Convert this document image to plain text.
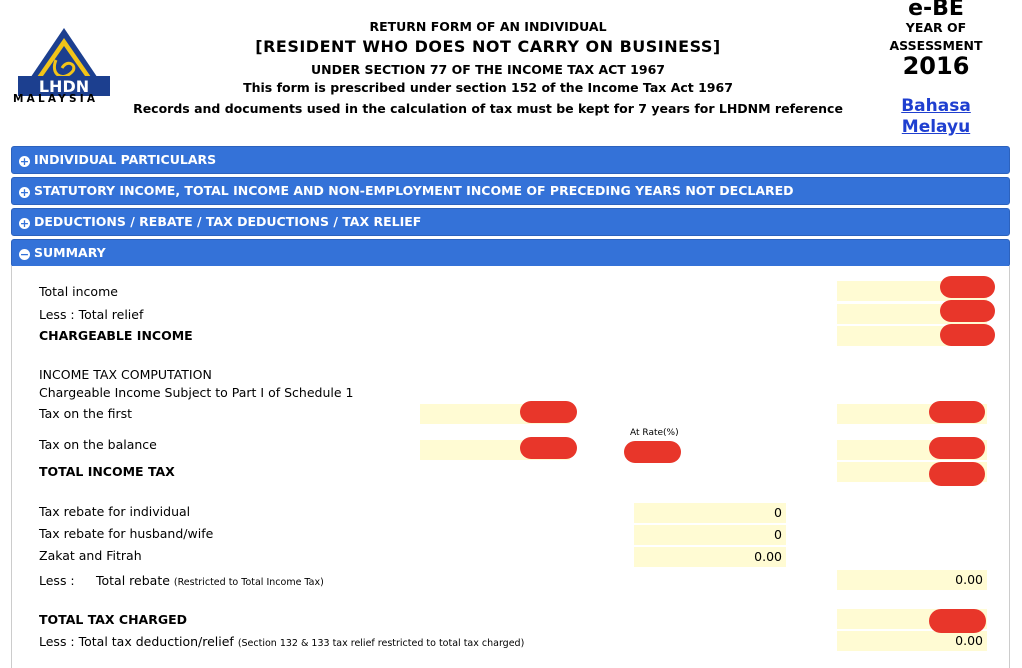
LHDN
MALAYSIA
RETURN FORM OF AN INDIVIDUAL
[RESIDENT WHO DOES NOT CARRY ON BUSINESS]
UNDER SECTION 77 OF THE INCOME TAX ACT 1967
This form is prescribed under section 152 of the Income Tax Act 1967
Records and documents used in the calculation of tax must be kept for 7 years for LHDNM reference
e-BE
YEAR OF
ASSESSMENT
2016
Bahasa
Melayu
+ INDIVIDUAL PARTICULARS
+ STATUTORY INCOME, TOTAL INCOME AND NON-EMPLOYMENT INCOME OF PRECEDING YEARS NOT DECLARED
+ DEDUCTIONS / REBATE / TAX DEDUCTIONS / TAX RELIEF
− SUMMARY
Total income
Less : Total relief
CHARGEABLE INCOME
INCOME TAX COMPUTATION
Chargeable Income Subject to Part I of Schedule 1
Tax on the first
Tax on the balance
At Rate(%)
TOTAL INCOME TAX
Tax rebate for individual
Tax rebate for husband/wife
Zakat and Fitrah
Less : Total rebate (Restricted to Total Income Tax)
TOTAL TAX CHARGED
Less : Total tax deduction/relief (Section 132 & 133 tax relief restricted to total tax charged)
0.00
0.00
0
0
0.00
